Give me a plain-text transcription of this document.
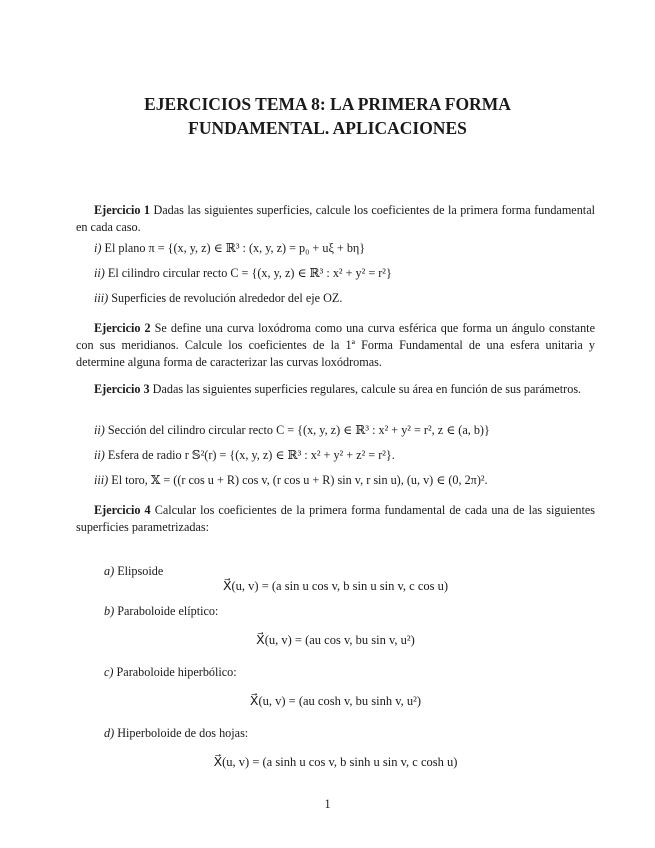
EJERCICIOS TEMA 8: LA PRIMERA FORMA
FUNDAMENTAL. APLICACIONES
Ejercicio 1 Dadas las siguientes superficies, calcule los coeficientes de la primera forma fundamental en cada caso.
i) El plano π = {(x, y, z) ∈ ℝ³ : (x, y, z) = p₀ + uξ + bη}
ii) El cilindro circular recto C = {(x, y, z) ∈ ℝ³ : x² + y² = r²}
iii) Superficies de revolución alrededor del eje OZ.
Ejercicio 2 Se define una curva loxódroma como una curva esférica que forma un ángulo constante con sus meridianos. Calcule los coeficientes de la 1ª Forma Fundamental de una esfera unitaria y determine alguna forma de caracterizar las curvas loxódromas.
Ejercicio 3 Dadas las siguientes superficies regulares, calcule su área en función de sus parámetros.
ii) Sección del cilindro circular recto C = {(x, y, z) ∈ ℝ³ : x² + y² = r², z ∈ (a, b)}
ii) Esfera de radio r 𝕊²(r) = {(x, y, z) ∈ ℝ³ : x² + y² + z² = r²}.
iii) El toro, 𝕏 = ((r cos u + R) cos v, (r cos u + R) sin v, r sin u), (u, v) ∈ (0, 2π)².
Ejercicio 4 Calcular los coeficientes de la primera forma fundamental de cada una de las siguientes superficies parametrizadas:
a) Elipsoide
X⃗(u, v) = (a sin u cos v, b sin u sin v, c cos u)
b) Paraboloide elíptico:
X⃗(u, v) = (au cos v, bu sin v, u²)
c) Paraboloide hiperbólico:
X⃗(u, v) = (au cosh v, bu sinh v, u²)
d) Hiperboloide de dos hojas:
X⃗(u, v) = (a sinh u cos v, b sinh u sin v, c cosh u)
1
